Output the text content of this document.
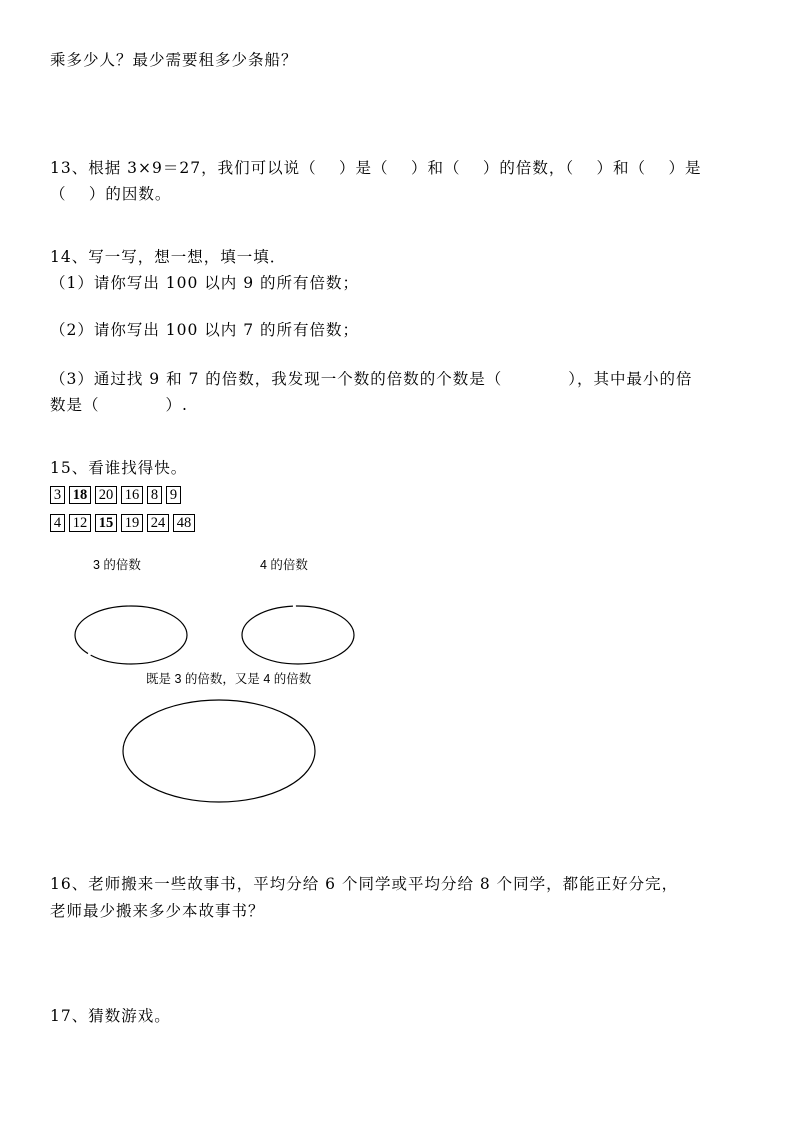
乘多少人？最少需要租多少条船？

13、根据 3×9＝27，我们可以说（　 ）是（　 ）和（　 ）的倍数，（　 ）和（　 ）是

（　 ）的因数。

14、写一写，想一想，填一填．

（1）请你写出 100 以内 9 的所有倍数；

（2）请你写出 100 以内 7 的所有倍数；

（3）通过找 9 和 7 的倍数，我发现一个数的倍数的个数是（　　　　），其中最小的倍

数是（　　　　）.

15、看谁找得快。

3 18 20 16 8 9
4 12 15 19 24 48
3 的倍数	4 的倍数
既是 3 的倍数，又是 4 的倍数

16、老师搬来一些故事书，平均分给 6 个同学或平均分给 8 个同学，都能正好分完，

老师最少搬来多少本故事书？

17、猜数游戏。
